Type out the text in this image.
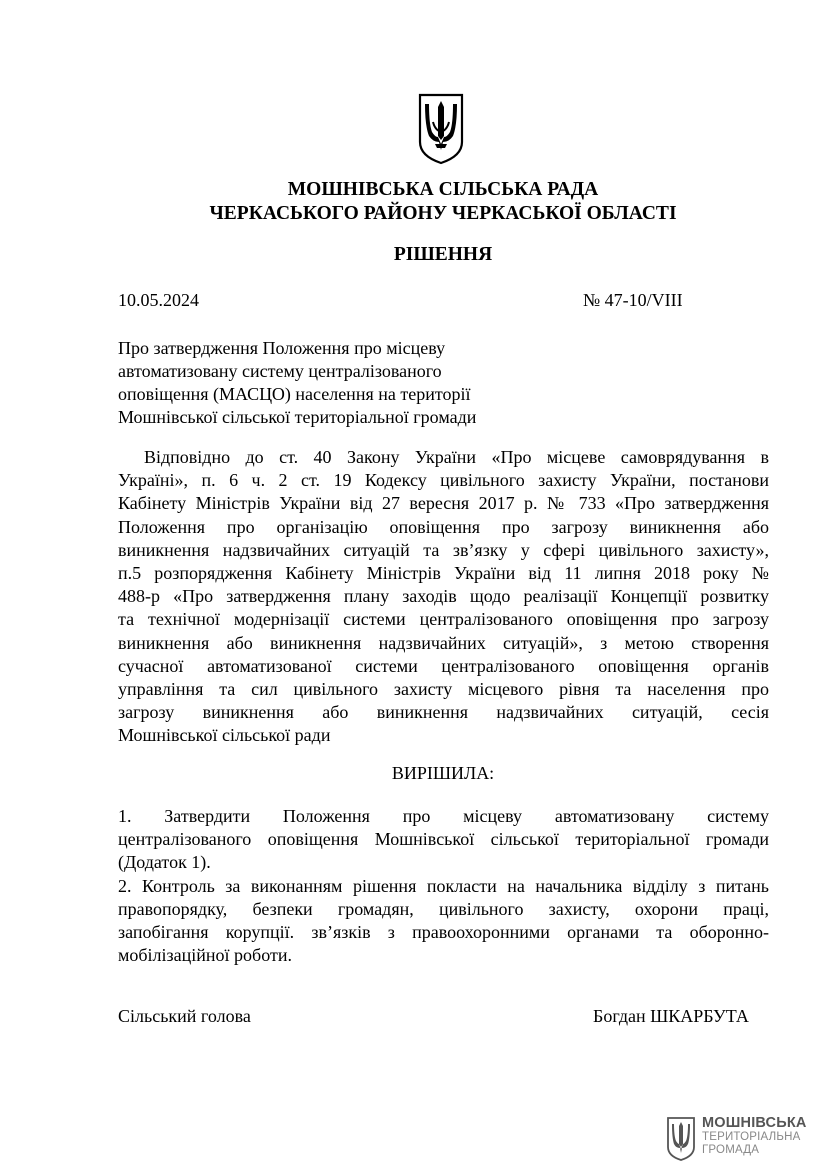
МОШНІВСЬКА СІЛЬСЬКА РАДА
ЧЕРКАСЬКОГО РАЙОНУ ЧЕРКАСЬКОЇ ОБЛАСТІ
РІШЕННЯ
10.05.2024	№ 47-10/VIII
Про затвердження Положення про місцеву
автоматизовану систему централізованого
оповіщення (МАСЦО) населення на території
Мошнівської сільської територіальної громади
Відповідно до ст. 40 Закону України «Про місцеве самоврядування в
Україні», п. 6 ч. 2 ст. 19 Кодексу цивільного захисту України, постанови
Кабінету Міністрів України від 27 вересня 2017 р. № 733 «Про затвердження
Положення про організацію оповіщення про загрозу виникнення або
виникнення надзвичайних ситуацій та зв’язку у сфері цивільного захисту»,
п.5 розпорядження Кабінету Міністрів України від 11 липня 2018 року №
488-р «Про затвердження плану заходів щодо реалізації Концепції розвитку
та технічної модернізації системи централізованого оповіщення про загрозу
виникнення або виникнення надзвичайних ситуацій», з метою створення
сучасної автоматизованої системи централізованого оповіщення органів
управління та сил цивільного захисту місцевого рівня та населення про
загрозу виникнення або виникнення надзвичайних ситуацій, сесія
Мошнівської сільської ради
ВИРІШИЛА:
1. Затвердити Положення про місцеву автоматизовану систему
централізованого оповіщення Мошнівської сільської територіальної громади
(Додаток 1).
2. Контроль за виконанням рішення покласти на начальника відділу з питань
правопорядку, безпеки громадян, цивільного захисту, охорони праці,
запобігання корупції. зв’язків з правоохоронними органами та оборонно-
мобілізаційної роботи.
Сільський голова	Богдан ШКАРБУТА
МОШНІВСЬКА
ТЕРИТОРІАЛЬНА
ГРОМАДА
